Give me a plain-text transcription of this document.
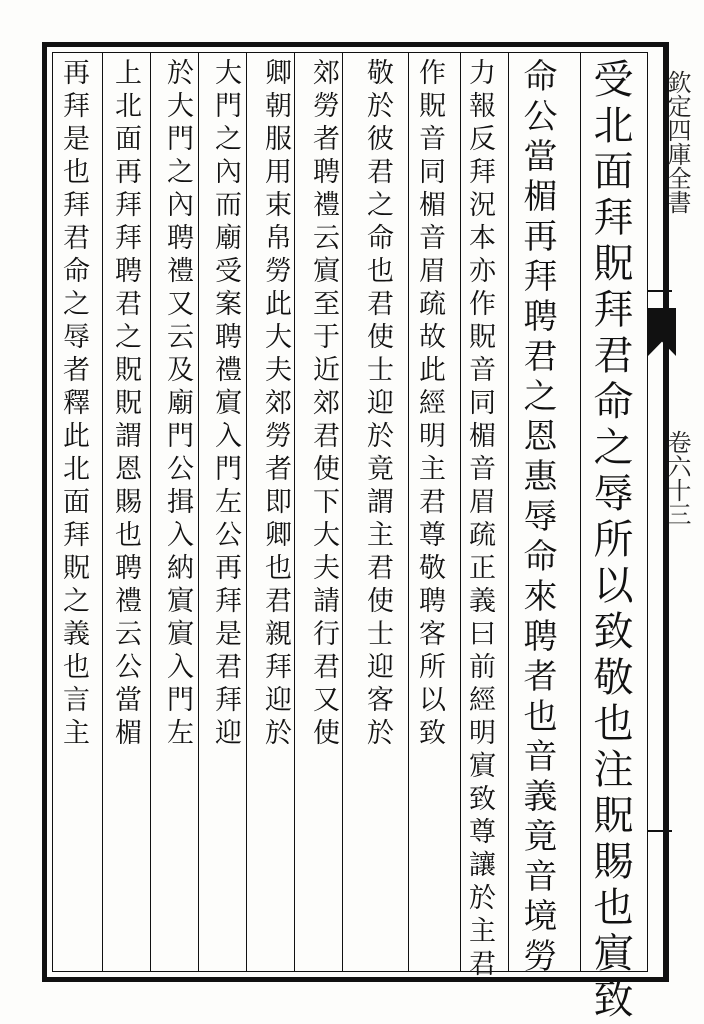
受北面拜貺拜君命之辱所以致敬也注貺賜也賔致
命公當楣再拜聘君之恩惠辱命來聘者也音義竟音境勞
力報反拜況本亦作貺音同楣音眉疏正義曰前經明賔致尊讓於主君
作貺音同楣音眉疏故此經明主君尊敬聘客所以致
敬於彼君之命也君使士迎於竟謂主君使士迎客於
郊勞者聘禮云賔至于近郊君使下大夫請行君又使
卿朝服用束帛勞此大夫郊勞者即卿也君親拜迎於
大門之內而廟受案聘禮賔入門左公再拜是君拜迎
於大門之內聘禮又云及廟門公揖入納賔賔入門左
上北面再拜拜聘君之貺貺謂恩賜也聘禮云公當楣
再拜是也拜君命之辱者釋此北面拜貺之義也言主	欽定四庫全書
卷六十三
